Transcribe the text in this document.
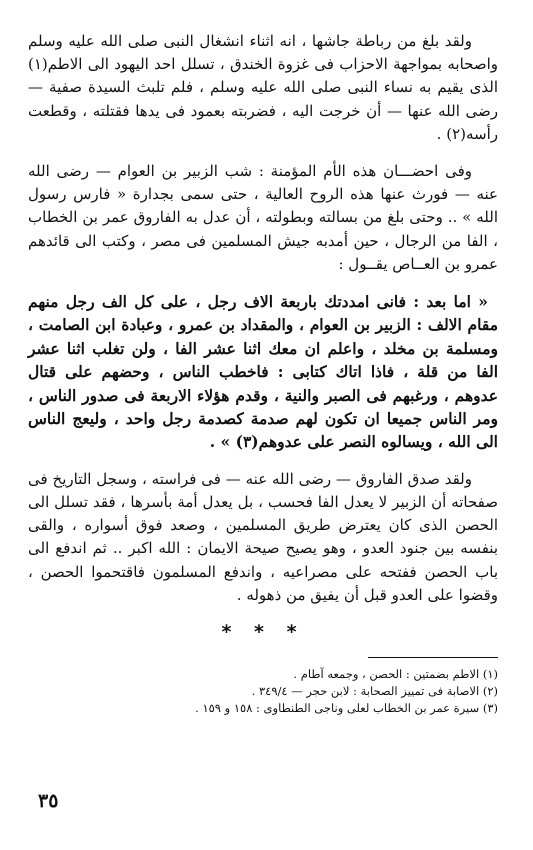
ولقد بلغ من رباطة جاشها ، انه اثناء انشغال النبى صلى الله عليه وسلم واصحابه بمواجهة الاحزاب فى غزوة الخندق ، تسلل احد اليهود الى الاطم(١) الذى يقيم به نساء النبى صلى الله عليه وسلم ، فلم تلبث السيدة صفية — رضى الله عنها — أن خرجت اليه ، فضربته بعمود فى يدها فقتلته ، وقطعت رأسه(٢) .

وفى احضـــان هذه الأم المؤمنة : شب الزبير بن العوام — رضى الله عنه — فورث عنها هذه الروح العالية ، حتى سمى بجدارة « فارس رسول الله » .. وحتى بلغ من بسالته وبطولته ، أن عدل به الفاروق عمر بن الخطاب ، الفا من الرجال ، حين أمدبه جيش المسلمين فى مصر ، وكتب الى قائدهم عمرو بن العــاص يقــول :

« اما بعد : فانى امددتك باربعة الاف رجل ، على كل الف رجل منهم مقام الالف : الزبير بن العوام ، والمقداد بن عمرو ، وعبادة ابن الصامت ، ومسلمة بن مخلد ، واعلم ان معك اثنا عشر الفا ، ولن تغلب اثنا عشر الفا من قلة ، فاذا اتاك كتابى : فاخطب الناس ، وحضهم على قتال عدوهم ، ورغبهم فى الصبر والنية ، وقدم هؤلاء الاربعة فى صدور الناس ، ومر الناس جميعا ان تكون لهم صدمة كصدمة رجل واحد ، وليعج الناس الى الله ، ويسالوه النصر على عدوهم(٣) » .

ولقد صدق الفاروق — رضى الله عنه — فى فراسته ، وسجل التاريخ فى صفحاته أن الزبير لا يعدل الفا فحسب ، بل يعدل أمة بأسرها ، فقد تسلل الى الحصن الذى كان يعترض طريق المسلمين ، وصعد فوق أسواره ، والقى بنفسه بين جنود العدو ، وهو يصيح صيحة الايمان : الله اكبر .. ثم اندفع الى باب الحصن ففتحه على مصراعيه ، واندفع المسلمون فاقتحموا الحصن ، وقضوا على العدو قبل أن يفيق من ذهوله .

* * *
(١) الاطم بضمتين : الحصن ، وجمعه آطام .
(٢) الاصابة فى تمييز الصحابة : لابن حجر — ٣٤٩/٤ .
(٣) سيرة عمر بن الخطاب لعلى وناجى الطنطاوى : ١٥٨ و ١٥٩ .
٣٥
